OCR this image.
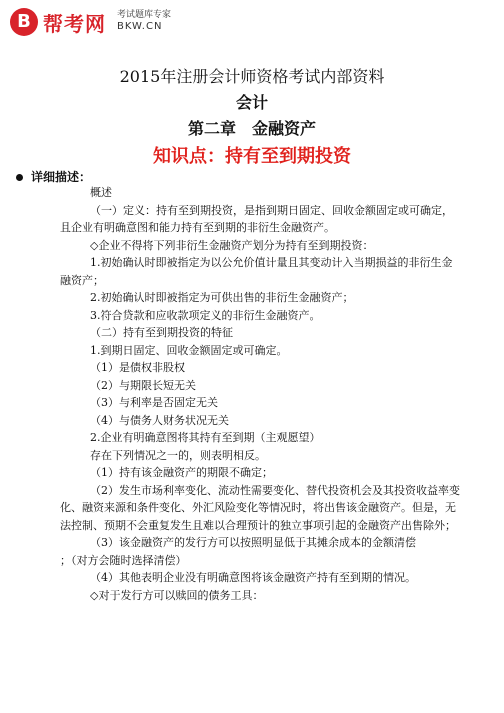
B 帮考网 考试题库专家
BKW.CN
2015年注册会计师资格考试内部资料
会计
第二章　金融资产
知识点：持有至到期投资
详细描述：

概述

（一）定义：持有至到期投资，是指到期日固定、回收金额固定或可确定，且企业有明确意图和能力持有至到期的非衍生金融资产。

◇企业不得将下列非衍生金融资产划分为持有至到期投资：

1.初始确认时即被指定为以公允价值计量且其变动计入当期损益的非衍生金融资产；

2.初始确认时即被指定为可供出售的非衍生金融资产；

3.符合贷款和应收款项定义的非衍生金融资产。

（二）持有至到期投资的特征

1.到期日固定、回收金额固定或可确定。

（1）是债权非股权

（2）与期限长短无关

（3）与利率是否固定无关

（4）与债务人财务状况无关

2.企业有明确意图将其持有至到期（主观愿望）

存在下列情况之一的，则表明相反。

（1）持有该金融资产的期限不确定；

（2）发生市场利率变化、流动性需要变化、替代投资机会及其投资收益率变化、融资来源和条件变化、外汇风险变化等情况时，将出售该金融资产。但是，无法控制、预期不会重复发生且难以合理预计的独立事项引起的金融资产出售除外；

（3）该金融资产的发行方可以按照明显低于其摊余成本的金额清偿

；（对方会随时选择清偿）

（4）其他表明企业没有明确意图将该金融资产持有至到期的情况。

◇对于发行方可以赎回的债务工具：
